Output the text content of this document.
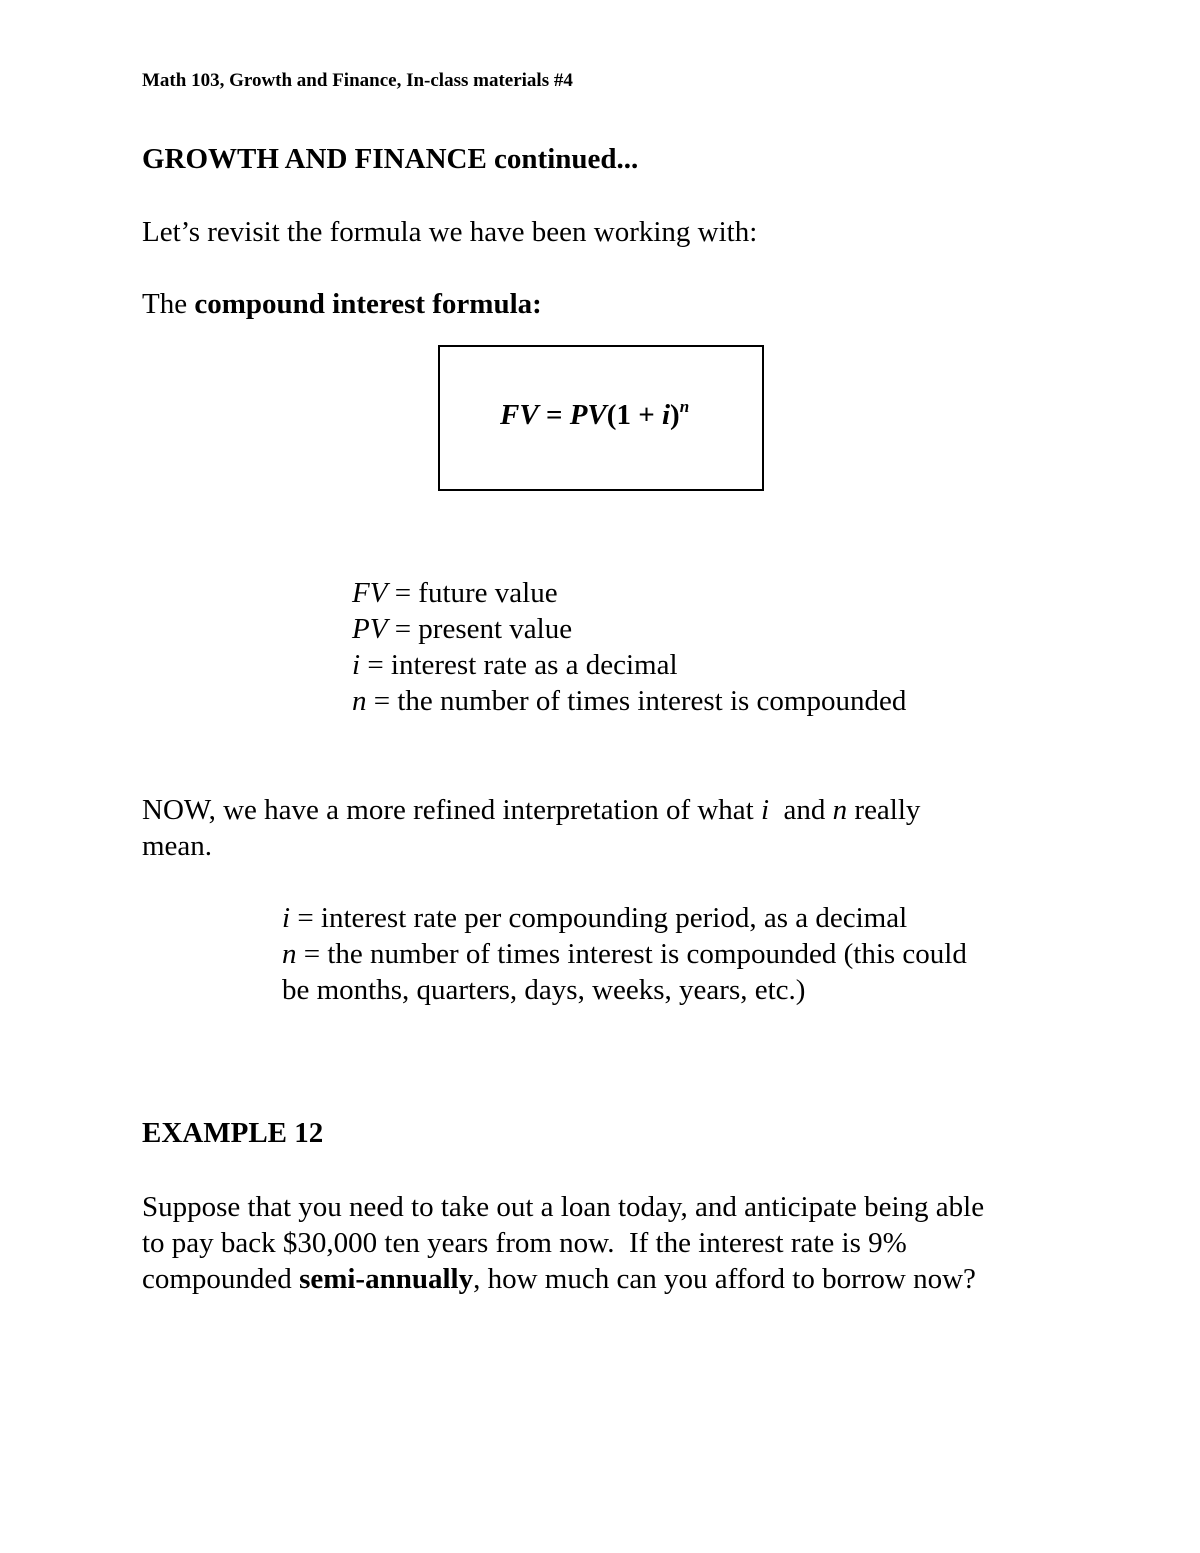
Math 103, Growth and Finance, In-class materials #4
GROWTH AND FINANCE continued...
Let’s revisit the formula we have been working with:
The compound interest formula:
FV = $PV(1 + i)^n$
FV = future value
PV = present value
i = interest rate as a decimal
n = the number of times interest is compounded
NOW, we have a more refined interpretation of what i  and n really
mean.
i = interest rate per compounding period, as a decimal
n = the number of times interest is compounded (this could
be months, quarters, days, weeks, years, etc.)
EXAMPLE 12
Suppose that you need to take out a loan today, and anticipate being able
to pay back $30,000 ten years from now.  If the interest rate is 9%
compounded semi-annually, how much can you afford to borrow now?
